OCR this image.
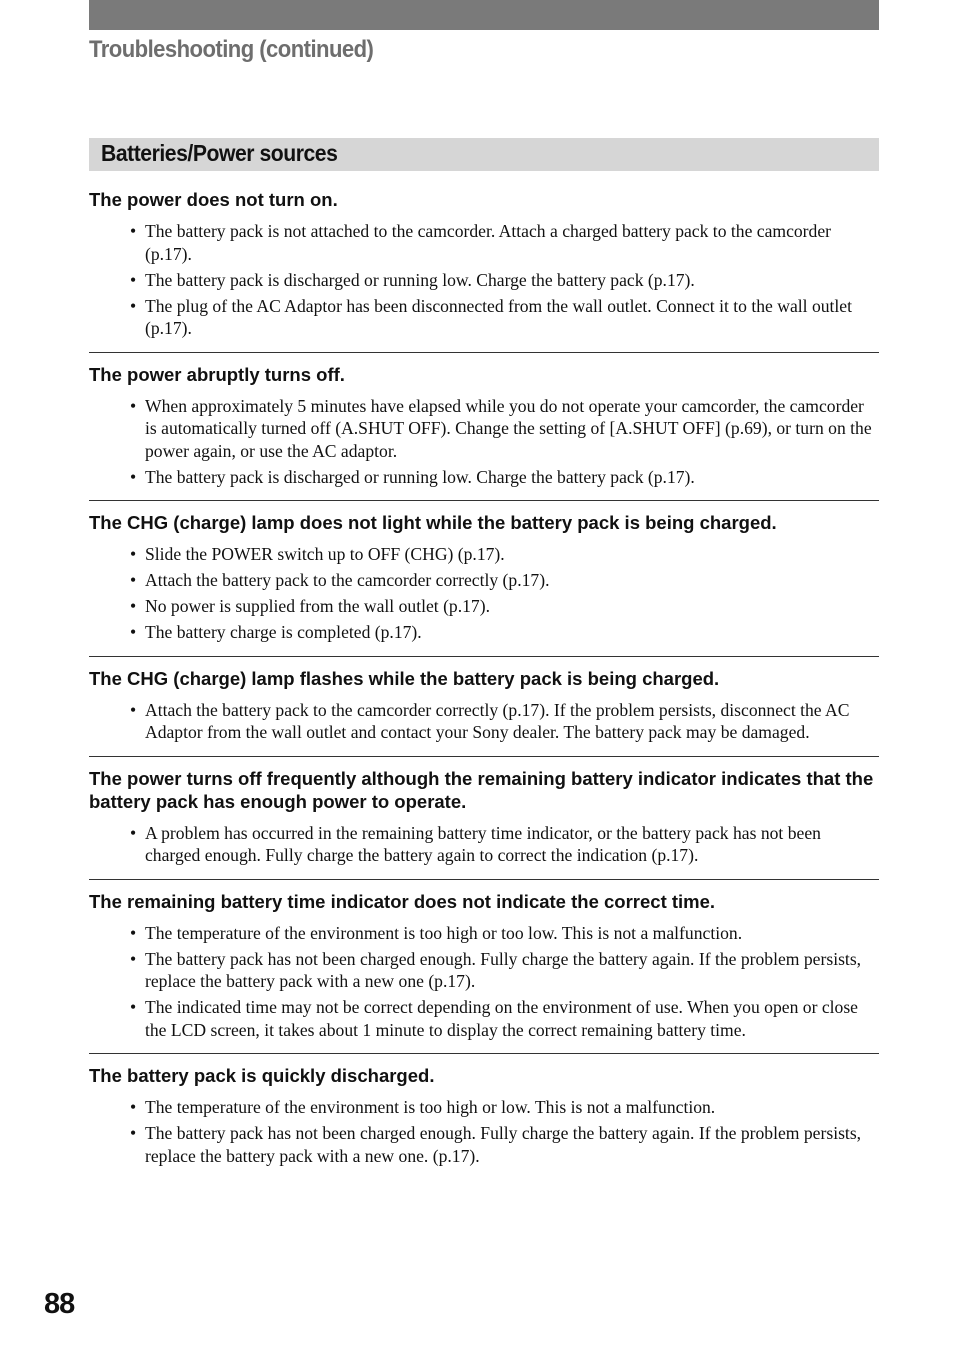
Troubleshooting (continued)
Batteries/Power sources
The power does not turn on.
• The battery pack is not attached to the camcorder. Attach a charged battery pack to the camcorder (p.17).
• The battery pack is discharged or running low. Charge the battery pack (p.17).
• The plug of the AC Adaptor has been disconnected from the wall outlet. Connect it to the wall outlet (p.17).
The power abruptly turns off.
• When approximately 5 minutes have elapsed while you do not operate your camcorder, the camcorder is automatically turned off (A.SHUT OFF). Change the setting of [A.SHUT OFF] (p.69), or turn on the power again, or use the AC adaptor.
• The battery pack is discharged or running low. Charge the battery pack (p.17).
The CHG (charge) lamp does not light while the battery pack is being charged.
• Slide the POWER switch up to OFF (CHG) (p.17).
• Attach the battery pack to the camcorder correctly (p.17).
• No power is supplied from the wall outlet (p.17).
• The battery charge is completed (p.17).
The CHG (charge) lamp flashes while the battery pack is being charged.
• Attach the battery pack to the camcorder correctly (p.17). If the problem persists, disconnect the AC Adaptor from the wall outlet and contact your Sony dealer. The battery pack may be damaged.
The power turns off frequently although the remaining battery indicator indicates that the battery pack has enough power to operate.
• A problem has occurred in the remaining battery time indicator, or the battery pack has not been charged enough. Fully charge the battery again to correct the indication (p.17).
The remaining battery time indicator does not indicate the correct time.
• The temperature of the environment is too high or too low. This is not a malfunction.
• The battery pack has not been charged enough. Fully charge the battery again. If the problem persists, replace the battery pack with a new one (p.17).
• The indicated time may not be correct depending on the environment of use. When you open or close the LCD screen, it takes about 1 minute to display the correct remaining battery time.
The battery pack is quickly discharged.
• The temperature of the environment is too high or low. This is not a malfunction.
• The battery pack has not been charged enough. Fully charge the battery again. If the problem persists, replace the battery pack with a new one. (p.17).
88
